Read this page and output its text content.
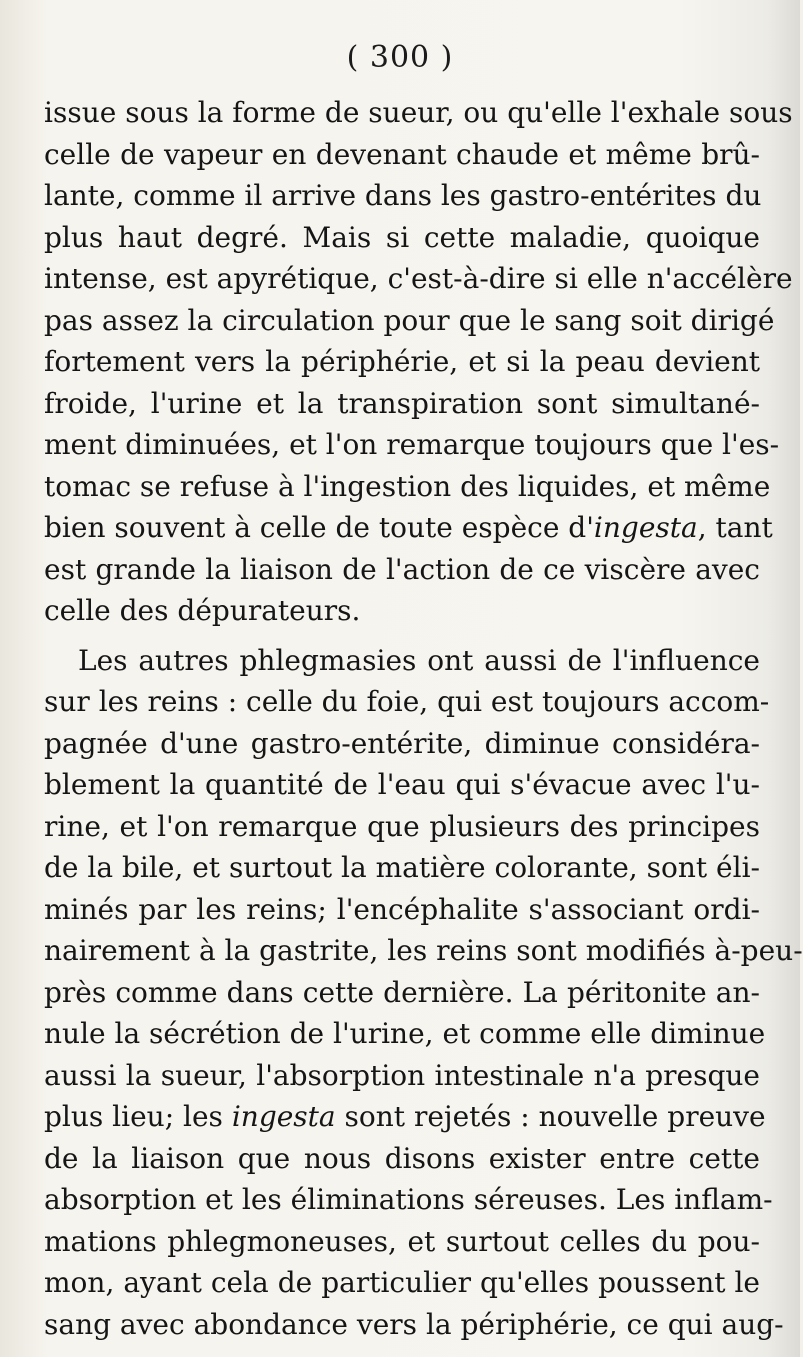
( 300 )
issue sous la forme de sueur, ou qu'elle l'exhale sous
celle de vapeur en devenant chaude et même brû-
lante, comme il arrive dans les gastro-entérites du
plus haut degré. Mais si cette maladie, quoique
intense, est apyrétique, c'est-à-dire si elle n'accélère
pas assez la circulation pour que le sang soit dirigé
fortement vers la périphérie, et si la peau devient
froide, l'urine et la transpiration sont simultané-
ment diminuées, et l'on remarque toujours que l'es-
tomac se refuse à l'ingestion des liquides, et même
bien souvent à celle de toute espèce d'ingesta, tant
est grande la liaison de l'action de ce viscère avec
celle des dépurateurs.
Les autres phlegmasies ont aussi de l'influence
sur les reins : celle du foie, qui est toujours accom-
pagnée d'une gastro-entérite, diminue considéra-
blement la quantité de l'eau qui s'évacue avec l'u-
rine, et l'on remarque que plusieurs des principes
de la bile, et surtout la matière colorante, sont éli-
minés par les reins; l'encéphalite s'associant ordi-
nairement à la gastrite, les reins sont modifiés à-peu-
près comme dans cette dernière. La péritonite an-
nule la sécrétion de l'urine, et comme elle diminue
aussi la sueur, l'absorption intestinale n'a presque
plus lieu; les ingesta sont rejetés : nouvelle preuve
de la liaison que nous disons exister entre cette
absorption et les éliminations séreuses. Les inflam-
mations phlegmoneuses, et surtout celles du pou-
mon, ayant cela de particulier qu'elles poussent le
sang avec abondance vers la périphérie, ce qui aug-
